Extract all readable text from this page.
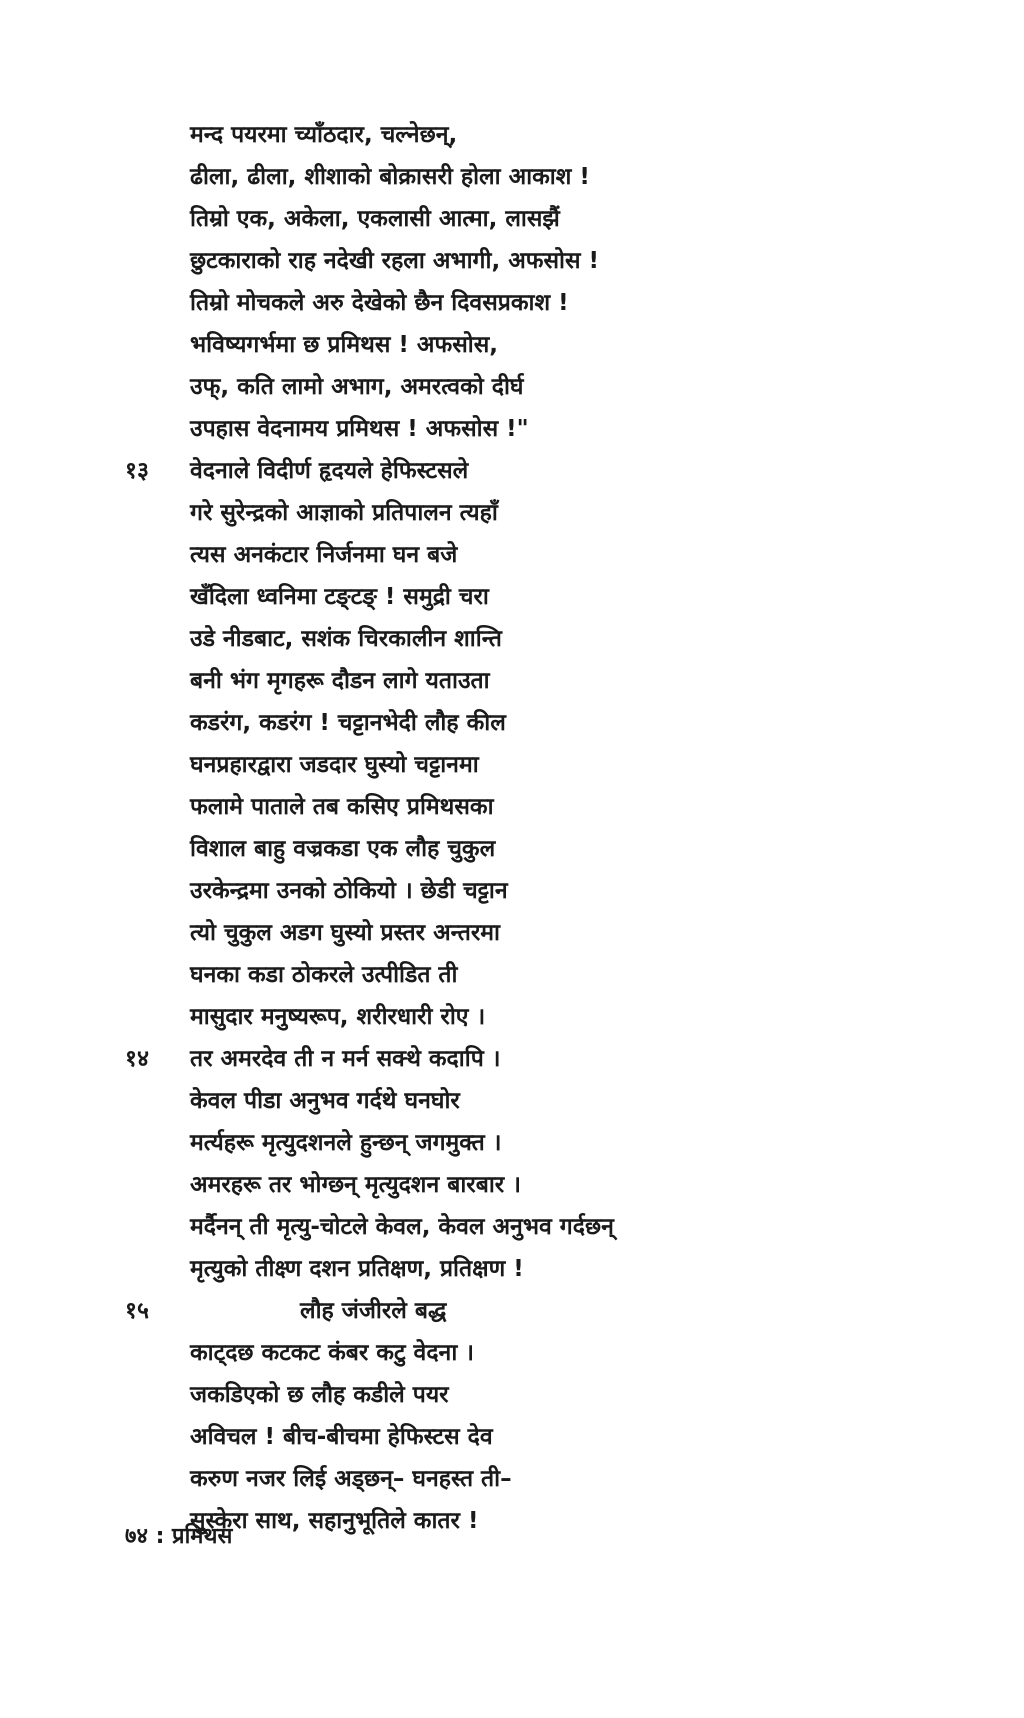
मन्द पयरमा च्याँठदार, चल्नेछन्,
ढीला, ढीला, शीशाको बोक्रासरी होला आकाश !
तिम्रो एक, अकेला, एकलासी आत्मा, लासझैं
छुटकाराको राह नदेखी रहला अभागी, अफसोस !
तिम्रो मोचकले अरु देखेको छैन दिवसप्रकाश !
भविष्यगर्भमा छ प्रमिथस ! अफसोस,
उफ्, कति लामो अभाग, अमरत्वको दीर्घ
उपहास वेदनामय प्रमिथस ! अफसोस !"
१३ वेदनाले विदीर्ण हृदयले हेफिस्टसले
गरे सुरेन्द्रको आज्ञाको प्रतिपालन त्यहाँ
त्यस अनकंटार निर्जनमा घन बजे
खँदिला ध्वनिमा टङ्टङ् ! समुद्री चरा
उडे नीडबाट, सशंक चिरकालीन शान्ति
बनी भंग मृगहरू दौडन लागे यताउता
कडरंग, कडरंग ! चट्टानभेदी लौह कील
घनप्रहारद्वारा जडदार घुस्यो चट्टानमा
फलामे पाताले तब कसिए प्रमिथसका
विशाल बाहु वज्रकडा एक लौह चुकुल
उरकेन्द्रमा उनको ठोकियो । छेडी चट्टान
त्यो चुकुल अडग घुस्यो प्रस्तर अन्तरमा
घनका कडा ठोकरले उत्पीडित ती
मासुदार मनुष्यरूप, शरीरधारी रोए ।
१४ तर अमरदेव ती न मर्न सक्थे कदापि ।
केवल पीडा अनुभव गर्दथे घनघोर
मर्त्यहरू मृत्युदशनले हुन्छन् जगमुक्त ।
अमरहरू तर भोग्छन् मृत्युदशन बारबार ।
मर्दैनन् ती मृत्यु-चोटले केवल, केवल अनुभव गर्दछन्
मृत्युको तीक्ष्ण दशन प्रतिक्षण, प्रतिक्षण !
१५	लौह जंजीरले बद्ध
काट्दछ कटकट कंबर कटु वेदना ।
जकडिएको छ लौह कडीले पयर
अविचल ! बीच-बीचमा हेफिस्टस देव
करुण नजर लिई अड्छन्– घनहस्त ती–
सुस्केरा साथ, सहानुभूतिले कातर !
७४ : प्रमिथस
